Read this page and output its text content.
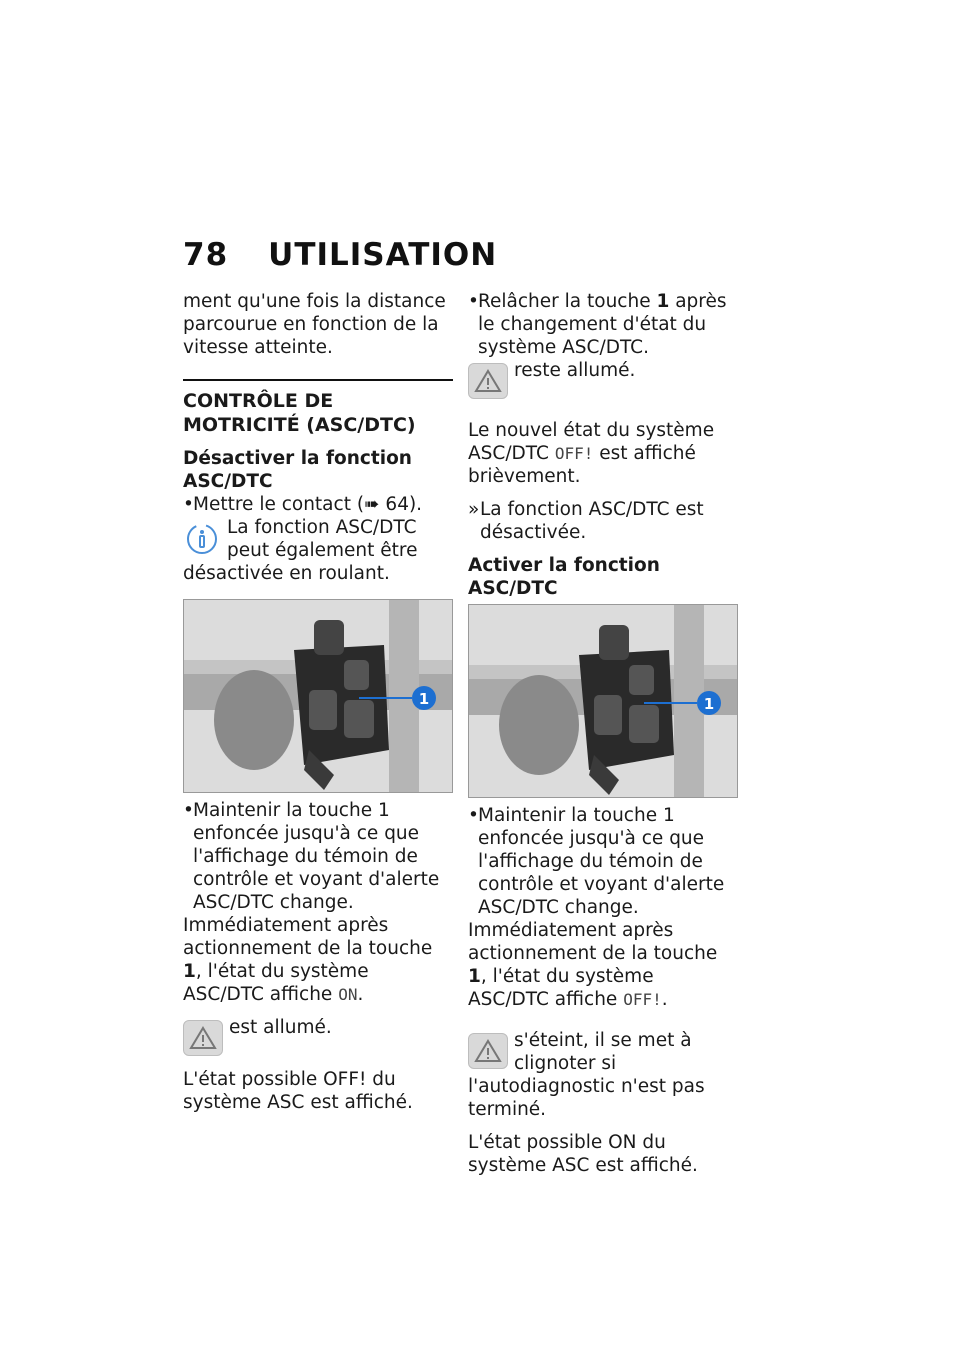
78 UTILISATION

ment qu'une fois la distance parcourue en fonction de la vitesse atteinte.

CONTRÔLE DE MOTRICITÉ (ASC/DTC)
Désactiver la fonction ASC/DTC

• Mettre le contact (➠ 64).

La fonction ASC/DTC peut également être désactivée en roulant.
1

• Maintenir la touche 1 enfoncée jusqu'à ce que l'affichage du témoin de contrôle et voyant d'alerte ASC/DTC change.

Immédiatement après actionnement de la touche 1, l'état du système ASC/DTC affiche ON.

est allumé.

L'état possible OFF! du système ASC est affiché.

• Relâcher la touche 1 après le changement d'état du système ASC/DTC.

reste allumé.

Le nouvel état du système ASC/DTC OFF! est affiché brièvement.

» La fonction ASC/DTC est désactivée.

Activer la fonction ASC/DTC
1

• Maintenir la touche 1 enfoncée jusqu'à ce que l'affichage du témoin de contrôle et voyant d'alerte ASC/DTC change.

Immédiatement après actionnement de la touche 1, l'état du système ASC/DTC affiche OFF!.

s'éteint, il se met à clignoter si l'autodiagnostic n'est pas terminé.

L'état possible ON du système ASC est affiché.
